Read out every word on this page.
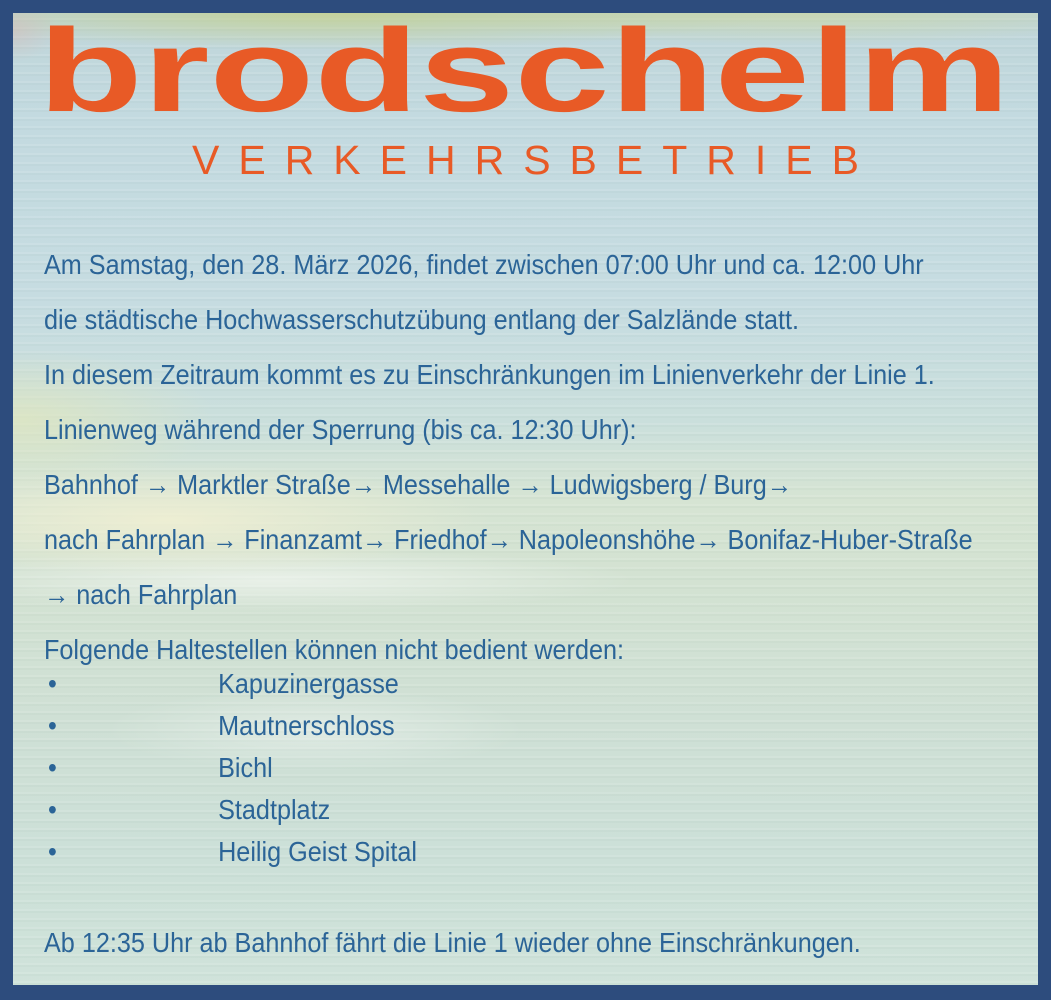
brodschelm
VERKEHRSBETRIEB

Am Samstag, den 28. März 2026, findet zwischen 07:00 Uhr und ca. 12:00 Uhr

die städtische Hochwasserschutzübung entlang der Salzlände statt.

In diesem Zeitraum kommt es zu Einschränkungen im Linienverkehr der Linie 1.

Linienweg während der Sperrung (bis ca. 12:30 Uhr):

Bahnhof → Marktler Straße→ Messehalle → Ludwigsberg / Burg→

nach Fahrplan → Finanzamt→ Friedhof→ Napoleonshöhe→ Bonifaz-Huber-Straße

→ nach Fahrplan

Folgende Haltestellen können nicht bedient werden:

•	Kapuzinergasse
•	Mautnerschloss
•	Bichl
•	Stadtplatz
•	Heilig Geist Spital
Ab 12:35 Uhr ab Bahnhof fährt die Linie 1 wieder ohne Einschränkungen.
